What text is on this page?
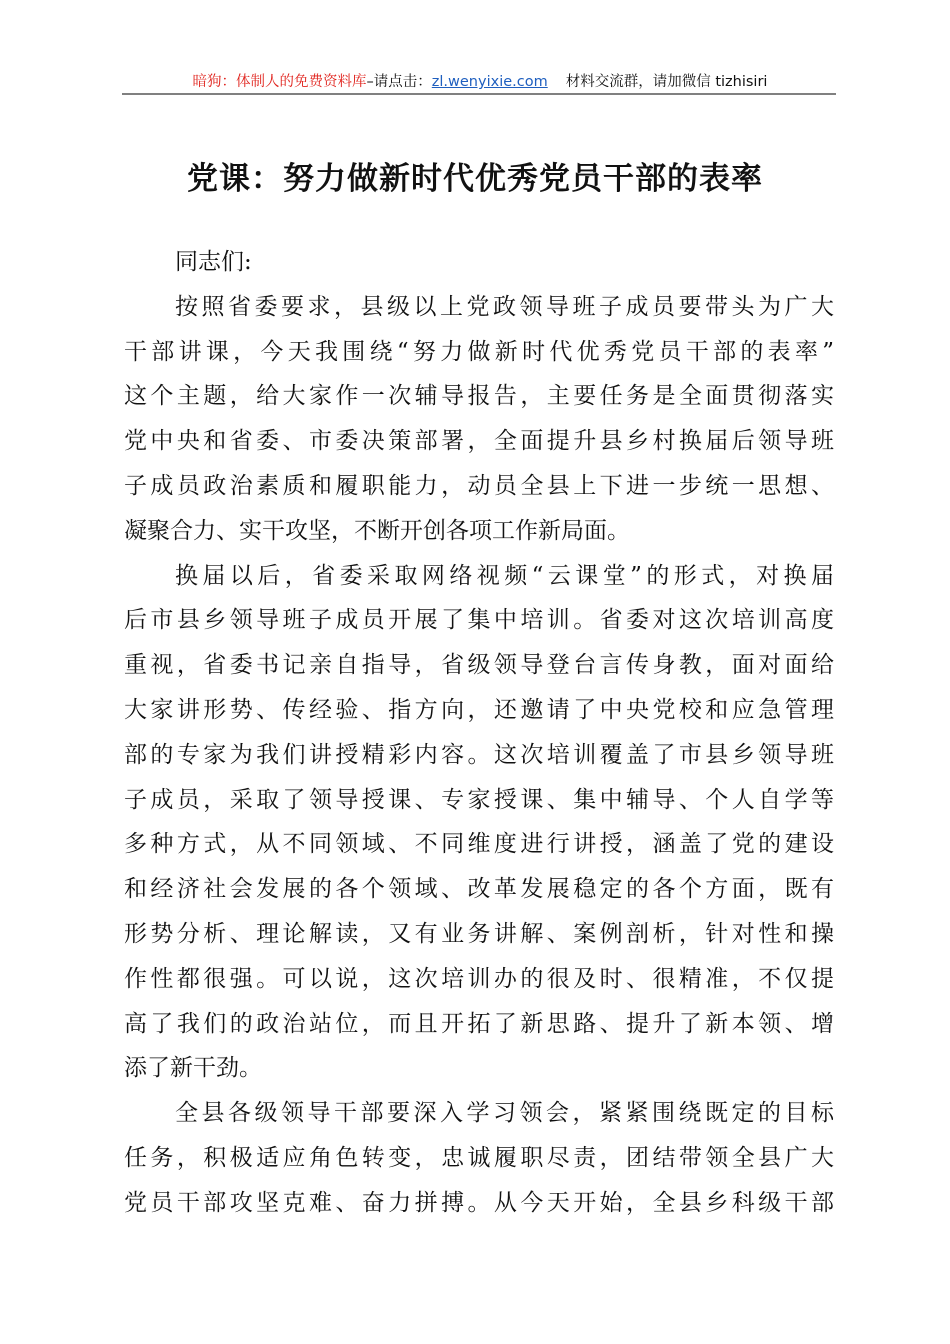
暗狗：体制人的免费资料库–请点击：zl.wenyixie.com 材料交流群，请加微信 tizhisiri
党课：努力做新时代优秀党员干部的表率
同志们:
按照省委要求，县级以上党政领导班子成员要带头为广大
干部讲课，今天我围绕“努力做新时代优秀党员干部的表率”
这个主题，给大家作一次辅导报告，主要任务是全面贯彻落实
党中央和省委、市委决策部署，全面提升县乡村换届后领导班
子成员政治素质和履职能力，动员全县上下进一步统一思想、
凝聚合力、实干攻坚，不断开创各项工作新局面。
换届以后，省委采取网络视频“云课堂”的形式，对换届
后市县乡领导班子成员开展了集中培训。省委对这次培训高度
重视，省委书记亲自指导，省级领导登台言传身教，面对面给
大家讲形势、传经验、指方向，还邀请了中央党校和应急管理
部的专家为我们讲授精彩内容。这次培训覆盖了市县乡领导班
子成员，采取了领导授课、专家授课、集中辅导、个人自学等
多种方式，从不同领域、不同维度进行讲授，涵盖了党的建设
和经济社会发展的各个领域、改革发展稳定的各个方面，既有
形势分析、理论解读，又有业务讲解、案例剖析，针对性和操
作性都很强。可以说，这次培训办的很及时、很精准，不仅提
高了我们的政治站位，而且开拓了新思路、提升了新本领、增
添了新干劲。
全县各级领导干部要深入学习领会，紧紧围绕既定的目标
任务，积极适应角色转变，忠诚履职尽责，团结带领全县广大
党员干部攻坚克难、奋力拼搏。从今天开始，全县乡科级干部
